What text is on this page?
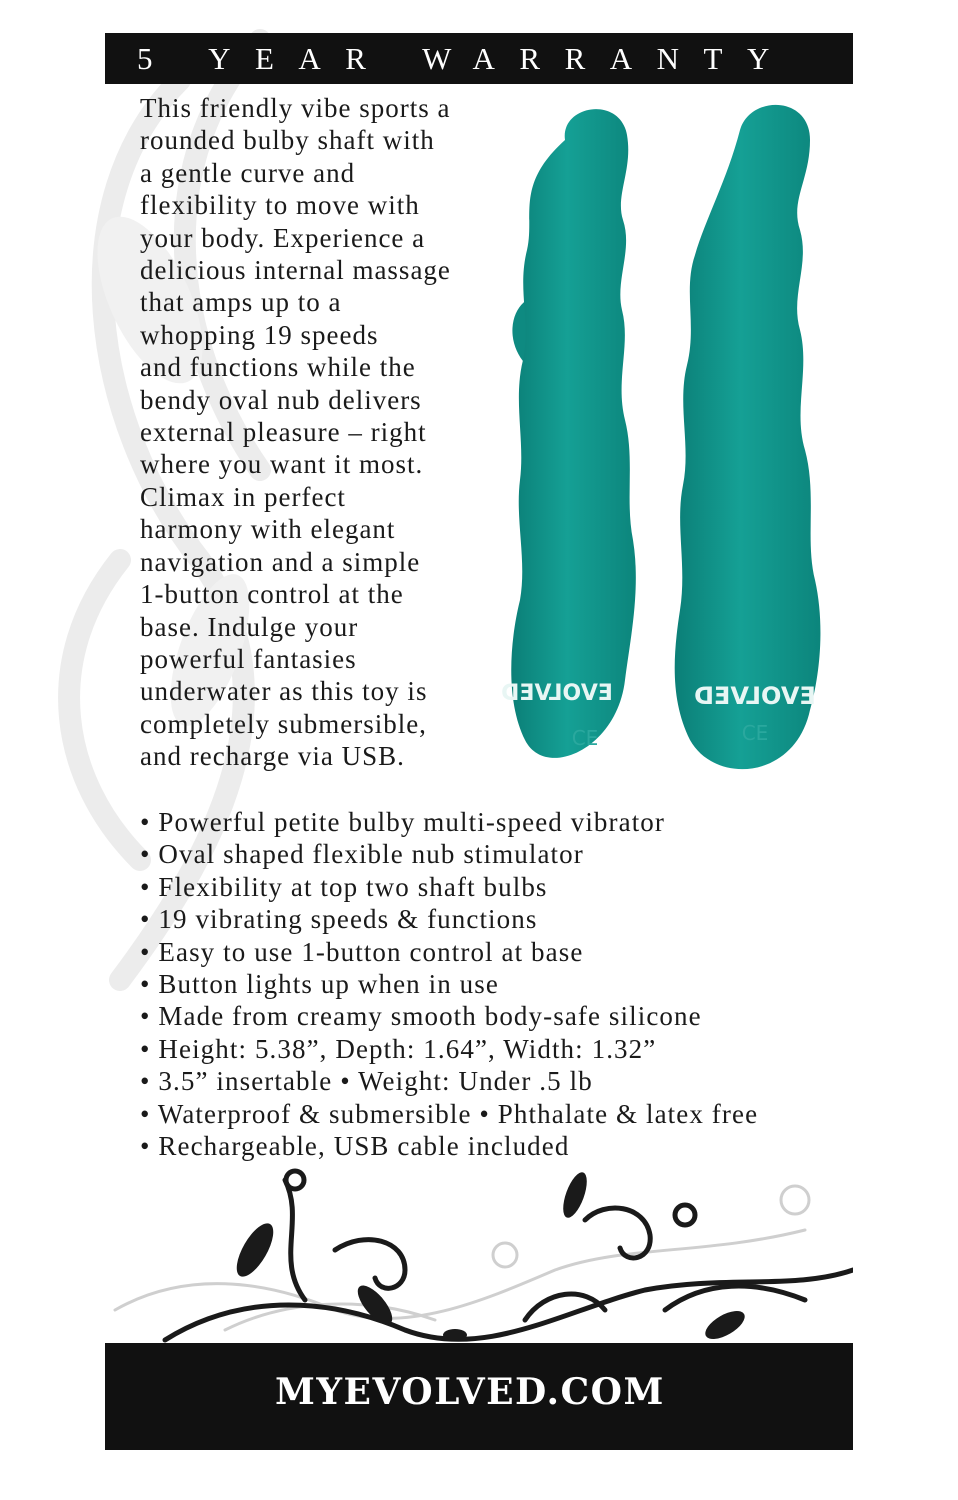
5 YEAR WARRANTY
This friendly vibe sports a
rounded bulby shaft with
a gentle curve and
flexibility to move with
your body. Experience a
delicious internal massage
that amps up to a
whopping 19 speeds
and functions while the
bendy oval nub delivers
external pleasure – right
where you want it most.
Climax in perfect
harmony with elegant
navigation and a simple
1-button control at the
base. Indulge your
powerful fantasies
underwater as this toy is
completely submersible,
and recharge via USB.
EVOLVED
CE
EVOLVED
CE
• Powerful petite bulby multi-speed vibrator
• Oval shaped flexible nub stimulator
• Flexibility at top two shaft bulbs
• 19 vibrating speeds & functions
• Easy to use 1-button control at base
• Button lights up when in use
• Made from creamy smooth body-safe silicone
• Height: 5.38”, Depth: 1.64”, Width: 1.32”
• 3.5” insertable • Weight: Under .5 lb
• Waterproof & submersible • Phthalate & latex free
• Rechargeable, USB cable included
MYEVOLVED.COM
